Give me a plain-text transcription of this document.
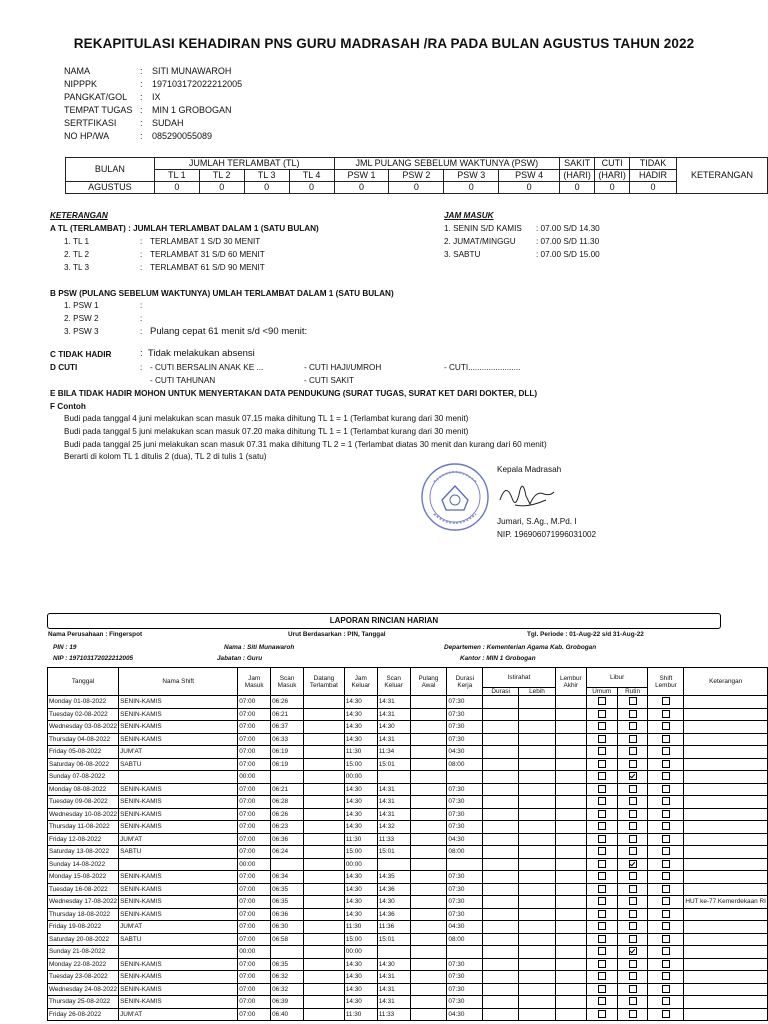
REKAPITULASI KEHADIRAN PNS GURU MADRASAH /RA PADA BULAN AGUSTUS TAHUN 2022
NAMA	:	SITI MUNAWAROH
NIPPPK	:	197103172022212005
PANGKAT/GOL	:	IX
TEMPAT TUGAS :	MIN 1 GROBOGAN
SERTFIKASI	:	SUDAH
NO HP/WA	:	085290055089
BULAN	JUMLAH TERLAMBAT (TL)				JML PULANG SEBELUM WAKTUNYA (PSW)				SAKIT	CUTI	TIDAK	KETERANGAN
	TL 1	TL 2	TL 3	TL 4	PSW 1	PSW 2	PSW 3	PSW 4	(HARI)	(HARI)	HADIR	
AGUSTUS	0	0	0	0	0	0	0	0	0	0	0	
KETERANGAN
A TL (TERLAMBAT) : JUMLAH TERLAMBAT DALAM 1 (SATU BULAN)
1. TL 1	: TERLAMBAT 1 S/D 30 MENIT
2. TL 2	: TERLAMBAT 31 S/D 60 MENIT
3. TL 3	: TERLAMBAT 61 S/D 90 MENIT
JAM MASUK
1. SENIN S/D KAMIS	: 07.00 S/D 14.30
2. JUMAT/MINGGU	: 07.00 S/D 11.30
3. SABTU	: 07.00 S/D 15.00
B PSW (PULANG SEBELUM WAKTUNYA) UMLAH TERLAMBAT DALAM 1 (SATU BULAN)
1. PSW 1	:
2. PSW 2	:
3. PSW 3	: Pulang cepat 61 menit s/d <90 menit:
C TIDAK HADIR	:  Tidak melakukan absensi
D CUTI	: - CUTI BERSALIN ANAK KE ...	- CUTI HAJI/UMROH	- CUTI.......................
- CUTI TAHUNAN	- CUTI SAKIT
E BILA TIDAK HADIR MOHON UNTUK MENYERTAKAN DATA PENDUKUNG (SURAT TUGAS, SURAT KET DARI DOKTER, DLL)
F Contoh
Budi pada tanggal 4 juni melakukan scan masuk 07.15 maka dihitung TL 1 = 1 (Terlambat kurang dari 30 menit)
Budi pada tanggal 5 juni melakukan scan masuk 07.20 maka dihitung TL 1 = 1 (Terlambat kurang dari 30 menit)
Budi pada tanggal 25 juni melakukan scan masuk 07.31 maka dihitung TL 2 = 1 (Terlambat diatas 30 menit dan kurang dari 60 menit)
Berarti di kolom TL 1 ditulis 2 (dua), TL 2 di tulis 1 (satu)
Kepala Madrasah
Jumari, S.Ag., M.Pd. I
NIP. 196906071996031002
LAPORAN RINCIAN HARIAN
Nama Perusahaan : Fingerspot	Urut Berdasarkan : PIN, Tanggal	Tgl. Periode : 01-Aug-22 s/d 31-Aug-22
PIN : 19	Nama : Siti Munawaroh	Departemen : Kementerian Agama Kab. Grobogan
NIP : 197103172022212005	Jabatan : Guru	Kantor : MIN 1 Grobogan
Tanggal	Nama Shift	Jam Masuk	Scan Masuk	Datang Terlambat	Jam Keluar	Scan Keluar	Pulang Awal	Durasi Kerja	Istirahat		Lembur Akhir	Libur		Shift Lembur	Keterangan
									Durasi	Lebih		Umum	Rutin		
Monday 01-08-2022	SENIN-KAMIS	07:00	06:26		14:30	14:31		07:30							
Tuesday 02-08-2022	SENIN-KAMIS	07:00	06:21		14:30	14:31		07:30							
Wednesday 03-08-2022	SENIN-KAMIS	07:00	06:37		14:30	14:30		07:30							
Thursday 04-08-2022	SENIN-KAMIS	07:00	06:33		14:30	14:31		07:30							
Friday 05-08-2022	JUM'AT	07:00	06:19		11:30	11:34		04:30							
Saturday 06-08-2022	SABTU	07:00	06:19		15:00	15:01		08:00							
Sunday 07-08-2022		00:00			00:00										
Monday 08-08-2022	SENIN-KAMIS	07:00	06:21		14:30	14:31		07:30							
Tuesday 09-08-2022	SENIN-KAMIS	07:00	06:28		14:30	14:31		07:30							
Wednesday 10-08-2022	SENIN-KAMIS	07:00	06:26		14:30	14:31		07:30							
Thursday 11-08-2022	SENIN-KAMIS	07:00	06:23		14:30	14:32		07:30							
Friday 12-08-2022	JUM'AT	07:00	06:36		11:30	11:33		04:30							
Saturday 13-08-2022	SABTU	07:00	06:24		15:00	15:01		08:00							
Sunday 14-08-2022		00:00			00:00										
Monday 15-08-2022	SENIN-KAMIS	07:00	06:34		14:30	14:35		07:30							
Tuesday 16-08-2022	SENIN-KAMIS	07:00	06:35		14:30	14:36		07:30							
Wednesday 17-08-2022	SENIN-KAMIS	07:00	06:35		14:30	14:30		07:30							HUT ke-77 Kemerdekaan RI
Thursday 18-08-2022	SENIN-KAMIS	07:00	06:36		14:30	14:36		07:30							
Friday 19-08-2022	JUM'AT	07:00	06:30		11:30	11:36		04:30							
Saturday 20-08-2022	SABTU	07:00	06:58		15:00	15:01		08:00							
Sunday 21-08-2022		00:00			00:00										
Monday 22-08-2022	SENIN-KAMIS	07:00	06:35		14:30	14:30		07:30							
Tuesday 23-08-2022	SENIN-KAMIS	07:00	06:32		14:30	14:31		07:30							
Wednesday 24-08-2022	SENIN-KAMIS	07:00	06:32		14:30	14:31		07:30							
Thursday 25-08-2022	SENIN-KAMIS	07:00	06:39		14:30	14:31		07:30							
Friday 26-08-2022	JUM'AT	07:00	06:40		11:30	11:33		04:30							
